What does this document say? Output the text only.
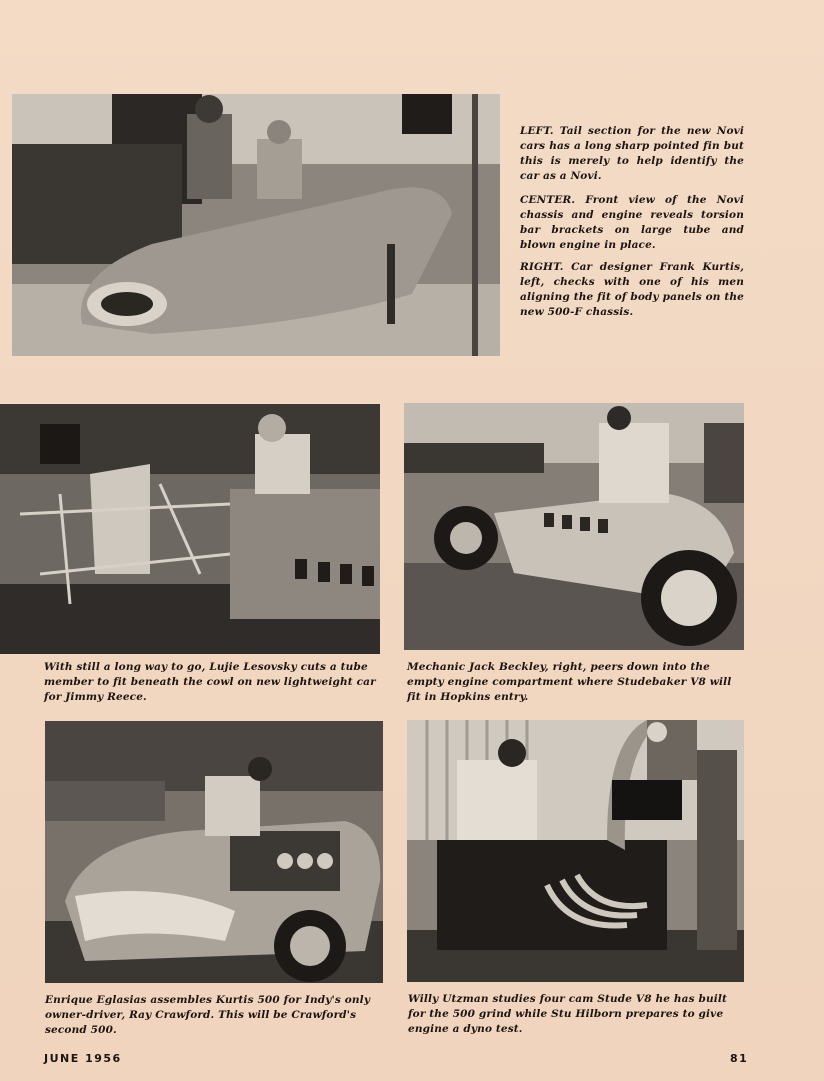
LEFT. Tail section for the new Novi cars has a long sharp pointed fin but this is merely to help identify the car as a Novi.

CENTER. Front view of the Novi chassis and engine reveals torsion bar brackets on large tube and blown engine in place.

RIGHT. Car designer Frank Kurtis, left, checks with one of his men aligning the fit of body panels on the new 500-F chassis.

With still a long way to go, Lujie Lesovsky cuts a tube member to fit beneath the cowl on new lightweight car for Jimmy Reece.

Mechanic Jack Beckley, right, peers down into the empty engine compartment where Studebaker V8 will fit in Hopkins entry.

Enrique Eglasias assembles Kurtis 500 for Indy's only owner-driver, Ray Crawford. This will be Crawford's second 500.

Willy Utzman studies four cam Stude V8 he has built for the 500 grind while Stu Hilborn prepares to give engine a dyno test.

JUNE 1956	81
